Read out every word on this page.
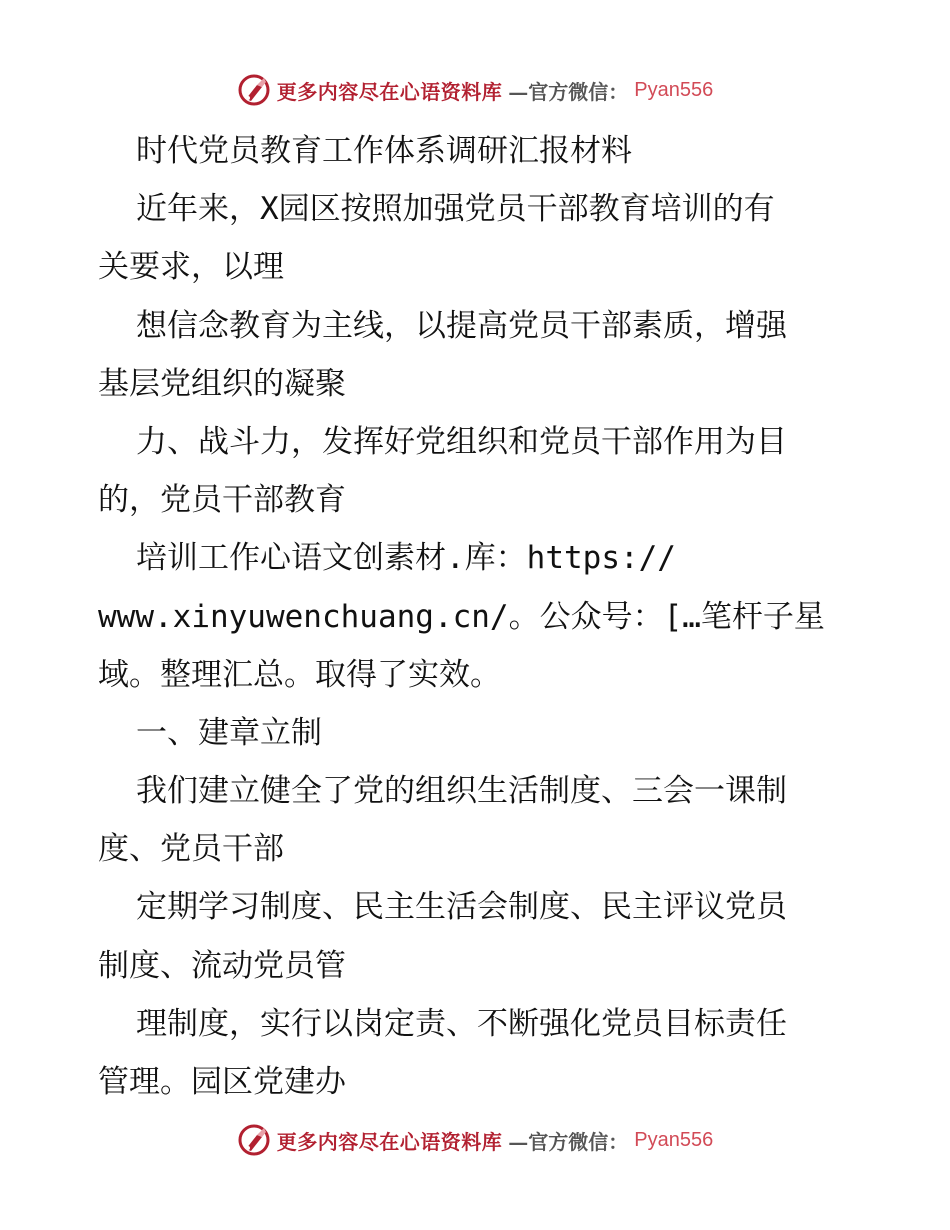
更多内容尽在心语资料库 —官方微信： Pyan556
时代党员教育工作体系调研汇报材料
近年来，X园区按照加强党员干部教育培训的有
关要求，以理
想信念教育为主线，以提高党员干部素质，增强
基层党组织的凝聚
力、战斗力，发挥好党组织和党员干部作用为目
的，党员干部教育
培训工作心语文创素材.库：https://
www.xinyuwenchuang.cn/。公众号：[…笔杆子星
域。整理汇总。取得了实效。
一、建章立制
我们建立健全了党的组织生活制度、三会一课制
度、党员干部
定期学习制度、民主生活会制度、民主评议党员
制度、流动党员管
理制度，实行以岗定责、不断强化党员目标责任
管理。园区党建办
更多内容尽在心语资料库 —官方微信： Pyan556
